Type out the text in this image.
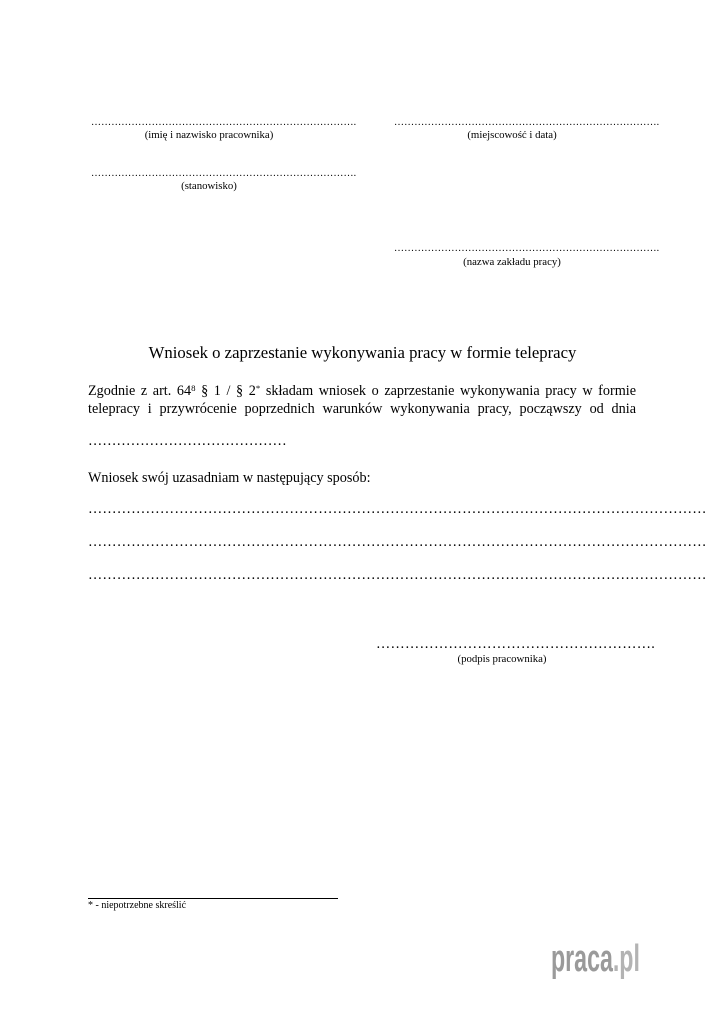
…………………………………………………………………….
(imię i nazwisko pracownika)
…………………………………………………………………….
(miejscowość i data)
…………………………………………………………………….
(stanowisko)
…………………………………………………………………….
(nazwa zakładu pracy)
Wniosek o zaprzestanie wykonywania pracy w formie telepracy
Zgodnie z art. $64^8$ § 1 / § 2* składam wniosek o zaprzestanie wykonywania pracy w formie
telepracy i przywrócenie poprzednich warunków wykonywania pracy, począwszy od dnia
……………………………………
Wniosek swój uzasadniam w następujący sposób:
…………………………………………………………………………………………………………………
…………………………………………………………………………………………………………………
…………………………………………………………………………………………………………………
………………………………………………….
(podpis pracownika)
* - niepotrzebne skreślić
praca.pl
